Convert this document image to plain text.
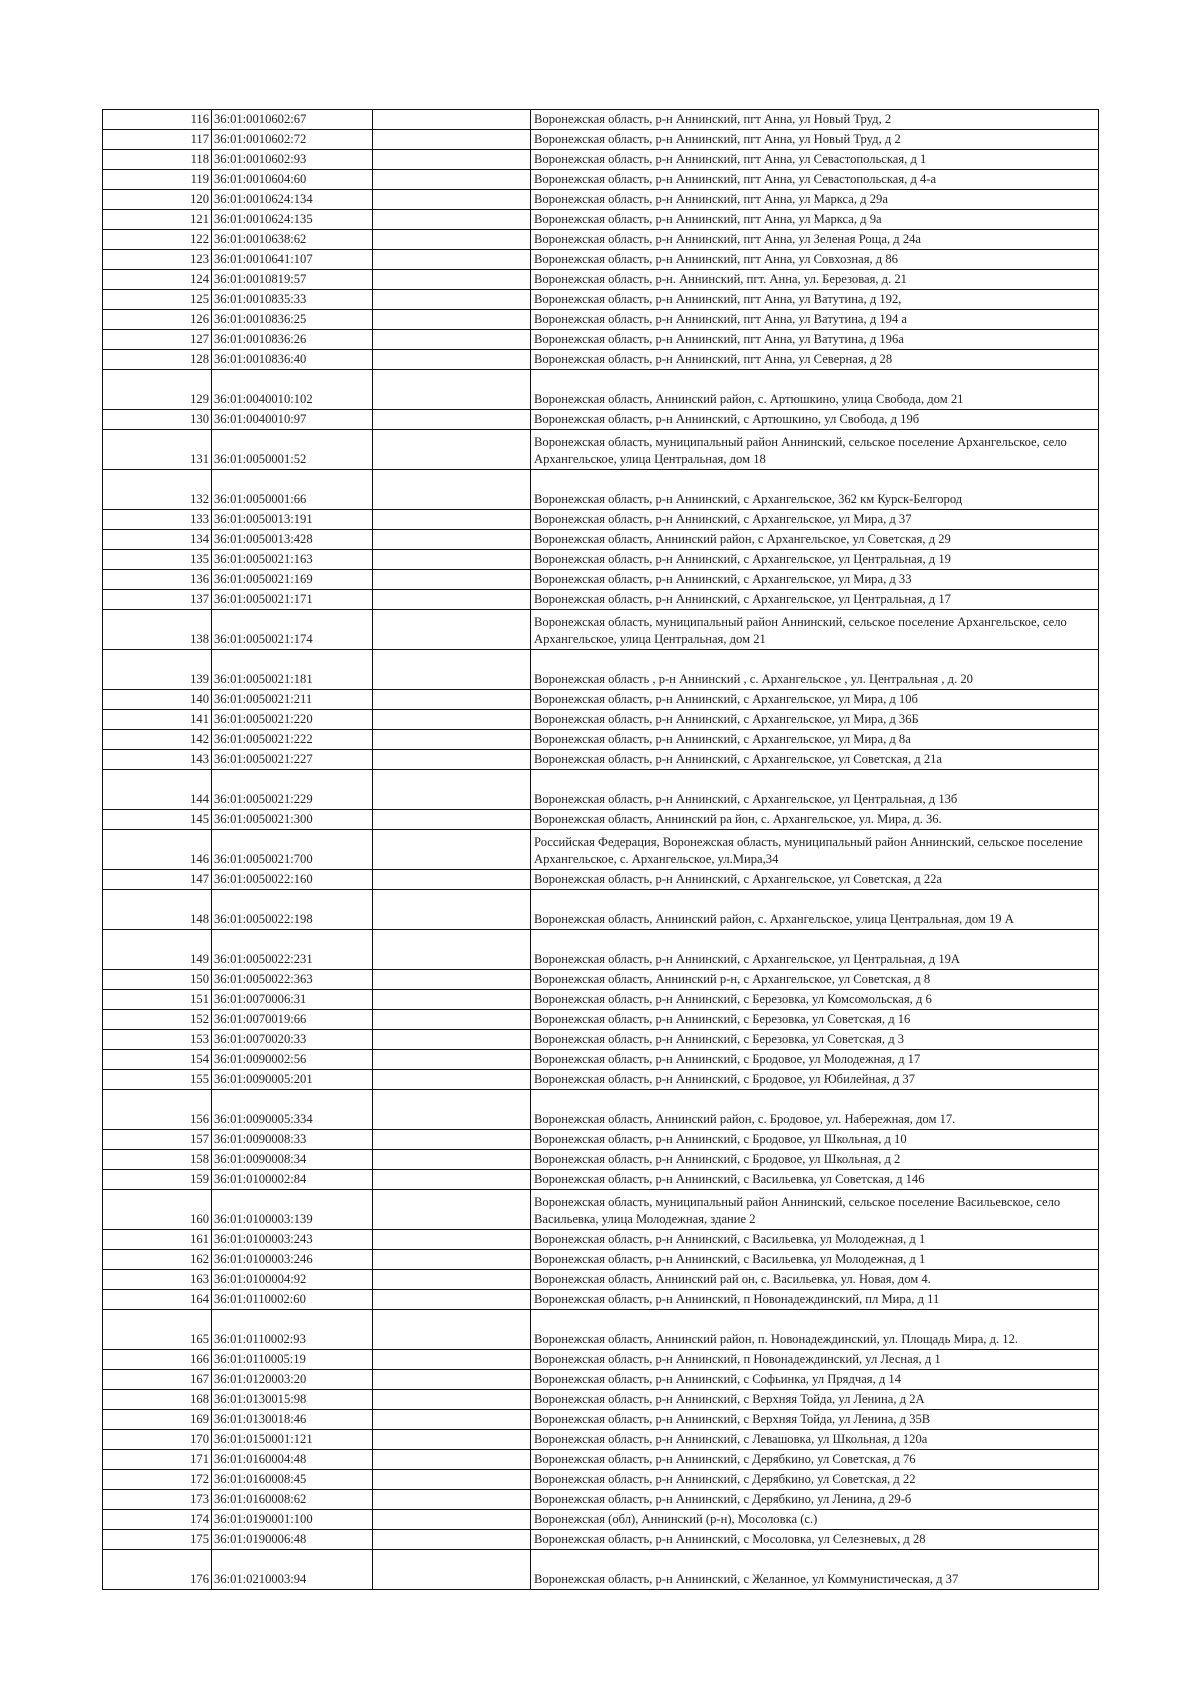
116	36:01:0010602:67		Воронежская область, р-н Аннинский, пгт Анна, ул Новый Труд, 2
117	36:01:0010602:72		Воронежская область, р-н Аннинский, пгт Анна, ул Новый Труд, д 2
118	36:01:0010602:93		Воронежская область, р-н Аннинский, пгт Анна, ул Севастопольская, д 1
119	36:01:0010604:60		Воронежская область, р-н Аннинский, пгт Анна, ул Севастопольская, д 4-а
120	36:01:0010624:134		Воронежская область, р-н Аннинский, пгт Анна, ул Маркса, д 29а
121	36:01:0010624:135		Воронежская область, р-н Аннинский, пгт Анна, ул Маркса, д 9а
122	36:01:0010638:62		Воронежская область, р-н Аннинский, пгт Анна, ул Зеленая Роща, д 24а
123	36:01:0010641:107		Воронежская область, р-н Аннинский, пгт Анна, ул Совхозная, д 86
124	36:01:0010819:57		Воронежская область, р-н. Аннинский, пгт. Анна, ул. Березовая, д. 21
125	36:01:0010835:33		Воронежская область, р-н Аннинский, пгт Анна, ул Ватутина, д 192,
126	36:01:0010836:25		Воронежская область, р-н Аннинский, пгт Анна, ул Ватутина, д 194 а
127	36:01:0010836:26		Воронежская область, р-н Аннинский, пгт Анна, ул Ватутина, д 196а
128	36:01:0010836:40		Воронежская область, р-н Аннинский, пгт Анна, ул Северная, д 28
129	36:01:0040010:102		Воронежская область, Аннинский район, с. Артюшкино, улица Свобода, дом 21
130	36:01:0040010:97		Воронежская область, р-н Аннинский, с Артюшкино, ул Свобода, д 19б
131	36:01:0050001:52		Воронежская область, муниципальный район Аннинский, сельское поселение Архангельское, село Архангельское, улица Центральная, дом 18
132	36:01:0050001:66		Воронежская область, р-н Аннинский, с Архангельское, 362 км Курск-Белгород
133	36:01:0050013:191		Воронежская область, р-н Аннинский, с Архангельское, ул Мира, д 37
134	36:01:0050013:428		Воронежская область, Аннинский район, с Архангельское, ул Советская, д 29
135	36:01:0050021:163		Воронежская область, р-н Аннинский, с Архангельское, ул Центральная, д 19
136	36:01:0050021:169		Воронежская область, р-н Аннинский, с Архангельское, ул Мира, д 33
137	36:01:0050021:171		Воронежская область, р-н Аннинский, с Архангельское, ул Центральная, д 17
138	36:01:0050021:174		Воронежская область, муниципальный район Аннинский, сельское поселение Архангельское, село Архангельское, улица Центральная, дом 21
139	36:01:0050021:181		Воронежская область , р-н Аннинский , с. Архангельское , ул. Центральная , д. 20
140	36:01:0050021:211		Воронежская область, р-н Аннинский, с Архангельское, ул Мира, д 10б
141	36:01:0050021:220		Воронежская область, р-н Аннинский, с Архангельское, ул Мира, д 36Б
142	36:01:0050021:222		Воронежская область, р-н Аннинский, с Архангельское, ул Мира, д 8а
143	36:01:0050021:227		Воронежская область, р-н Аннинский, с Архангельское, ул Советская, д 21а
144	36:01:0050021:229		Воронежская область, р-н Аннинский, с Архангельское, ул Центральная, д 13б
145	36:01:0050021:300		Воронежская область, Аннинский ра йон, с. Архангельское, ул. Мира, д. 36.
146	36:01:0050021:700		Российская Федерация, Воронежская область, муниципальный район Аннинский, сельское поселение Архангельское, с. Архангельское, ул.Мира,34
147	36:01:0050022:160		Воронежская область, р-н Аннинский, с Архангельское, ул Советская, д 22а
148	36:01:0050022:198		Воронежская область, Аннинский район, с. Архангельское, улица Центральная, дом 19 А
149	36:01:0050022:231		Воронежская область, р-н Аннинский, с Архангельское, ул Центральная, д 19А
150	36:01:0050022:363		Воронежская область, Аннинский р-н, с Архангельское, ул Советская, д 8
151	36:01:0070006:31		Воронежская область, р-н Аннинский, с Березовка, ул Комсомольская, д 6
152	36:01:0070019:66		Воронежская область, р-н Аннинский, с Березовка, ул Советская, д 16
153	36:01:0070020:33		Воронежская область, р-н Аннинский, с Березовка, ул Советская, д 3
154	36:01:0090002:56		Воронежская область, р-н Аннинский, с Бродовое, ул Молодежная, д 17
155	36:01:0090005:201		Воронежская область, р-н Аннинский, с Бродовое, ул Юбилейная, д 37
156	36:01:0090005:334		Воронежская область, Аннинский район, с. Бродовое, ул. Набережная, дом 17.
157	36:01:0090008:33		Воронежская область, р-н Аннинский, с Бродовое, ул Школьная, д 10
158	36:01:0090008:34		Воронежская область, р-н Аннинский, с Бродовое, ул Школьная, д 2
159	36:01:0100002:84		Воронежская область, р-н Аннинский, с Васильевка, ул Советская, д 146
160	36:01:0100003:139		Воронежская область, муниципальный район Аннинский, сельское поселение Васильевское, село Васильевка, улица Молодежная, здание 2
161	36:01:0100003:243		Воронежская область, р-н Аннинский, с Васильевка, ул Молодежная, д 1
162	36:01:0100003:246		Воронежская область, р-н Аннинский, с Васильевка, ул Молодежная, д 1
163	36:01:0100004:92		Воронежская область, Аннинский рай он, с. Васильевка, ул. Новая, дом 4.
164	36:01:0110002:60		Воронежская область, р-н Аннинский, п Новонадеждинский, пл Мира, д 11
165	36:01:0110002:93		Воронежская область, Аннинский район, п. Новонадеждинский, ул. Площадь Мира, д. 12.
166	36:01:0110005:19		Воронежская область, р-н Аннинский, п Новонадеждинский, ул Лесная, д 1
167	36:01:0120003:20		Воронежская область, р-н Аннинский, с Софьинка, ул Прядчая, д 14
168	36:01:0130015:98		Воронежская область, р-н Аннинский, с Верхняя Тойда, ул Ленина, д 2А
169	36:01:0130018:46		Воронежская область, р-н Аннинский, с Верхняя Тойда, ул Ленина, д 35В
170	36:01:0150001:121		Воронежская область, р-н Аннинский, с Левашовка, ул Школьная, д 120а
171	36:01:0160004:48		Воронежская область, р-н Аннинский, с Дерябкино, ул Советская, д 76
172	36:01:0160008:45		Воронежская область, р-н Аннинский, с Дерябкино, ул Советская, д 22
173	36:01:0160008:62		Воронежская область, р-н Аннинский, с Дерябкино, ул Ленина, д 29-б
174	36:01:0190001:100		Воронежская (обл), Аннинский (р-н), Мосоловка (с.)
175	36:01:0190006:48		Воронежская область, р-н Аннинский, с Мосоловка, ул Селезневых, д 28
176	36:01:0210003:94		Воронежская область, р-н Аннинский, с Желанное, ул Коммунистическая, д 37
